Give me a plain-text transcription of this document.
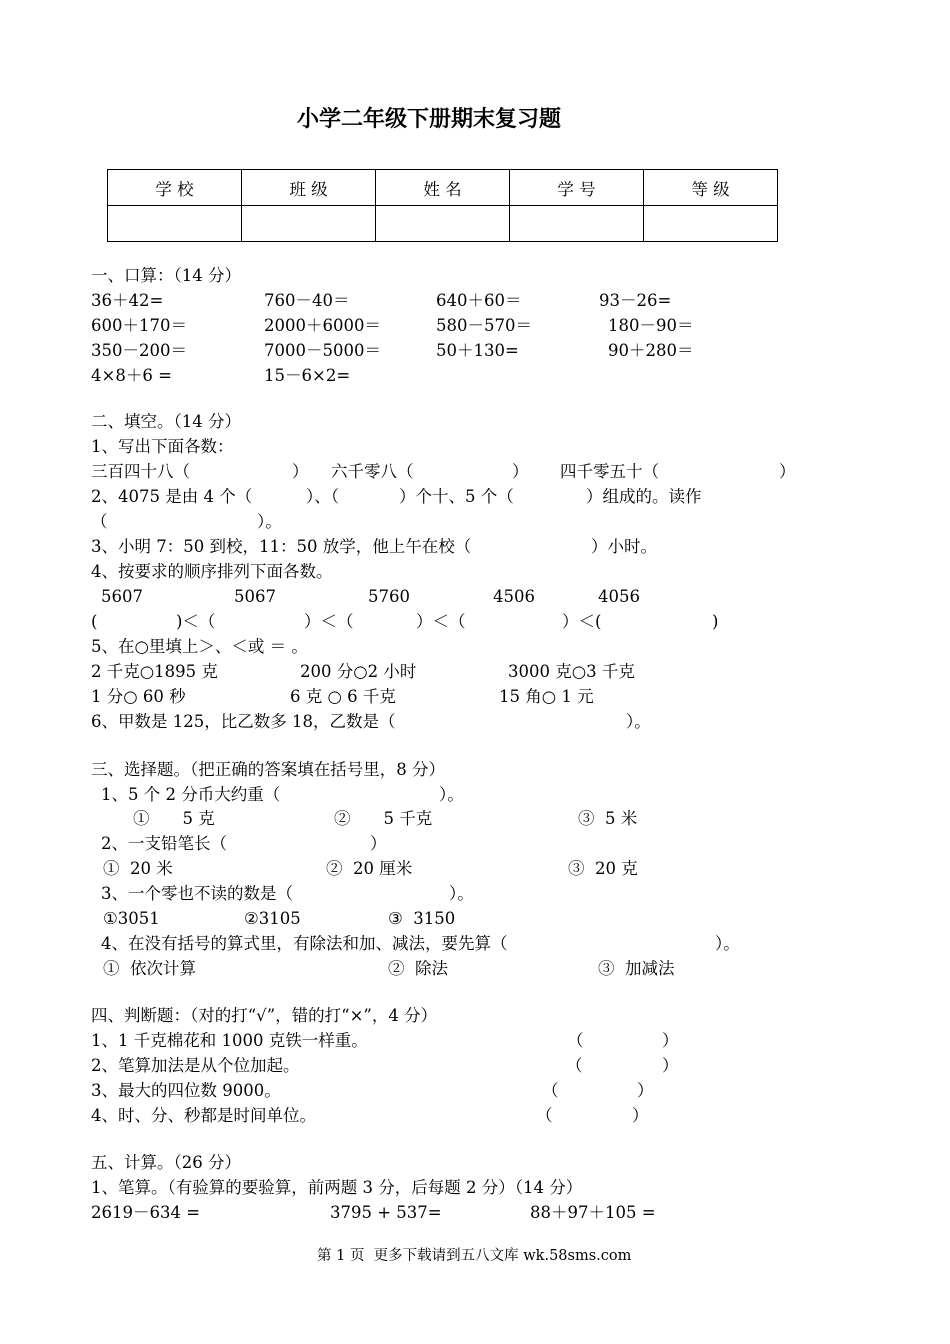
小学二年级下册期末复习题
学 校	班 级	姓 名	学 号	等 级

一、口算：（14 分）
36＋42=	760－40＝	640＋60＝	93－26=
600＋170＝	2000＋6000＝	580－570＝	180－90＝
350－200＝	7000－5000＝	50＋130=	90＋280＝
4×8＋6 =	15－6×2=
二、填空。（14 分）
1、写出下面各数：
三百四十八（	） 六千零八（	） 四千零五十（	）
2、4075 是由 4 个（	）、（	）个十、5 个（	）组成的。读作
（	）。
3、小明 7：50 到校，11：50 放学，他上午在校（	）小时。
4、按要求的顺序排列下面各数。
5607	5067	5760	4506	4056
(	)＜（	）＜（	）＜（	）＜(	)
5、在○里填上＞、＜或 ＝ 。
2 千克○1895 克	200 分○2 小时	3000 克○3 千克
1 分○ 60 秒	6 克 ○ 6 千克	15 角○ 1 元
6、甲数是 125，比乙数多 18，乙数是（	）。
三、选择题。（把正确的答案填在括号里，8 分）
1、5 个 2 分币大约重（	）。
①　　5 克	②　　5 千克	③  5 米
2、一支铅笔长（	）
①  20 米	②  20 厘米	③  20 克
3、一个零也不读的数是（	）。
①3051	②3105	③  3150
4、在没有括号的算式里，有除法和加、减法，要先算（	）。
①  依次计算	②  除法	③  加减法
四、判断题：（对的打“√”，错的打“×”，4 分）
1、1 千克棉花和 1000 克铁一样重。	（	）
2、笔算加法是从个位加起。	（	）
3、最大的四位数 9000。	（	）
4、时、分、秒都是时间单位。	（	）
五、计算。（26 分）
1、笔算。（有验算的要验算，前两题 3 分，后每题 2 分）（14 分）
2619－634 =	3795 + 537=	88＋97＋105 =
第 1 页  更多下载请到五八文库 wk.58sms.com
